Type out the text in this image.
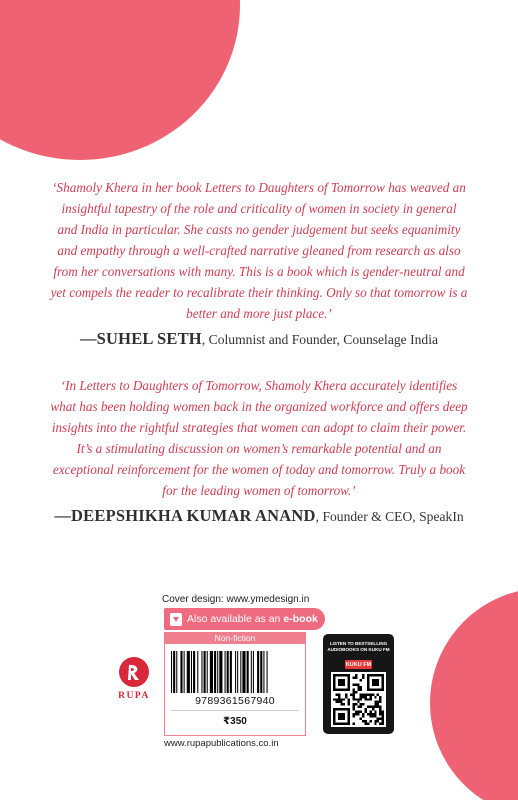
‘Shamoly Khera in her book Letters to Daughters of Tomorrow has weaved an insightful tapestry of the role and criticality of women in society in general and India in particular. She casts no gender judgement but seeks equanimity and empathy through a well-crafted narrative gleaned from research as also from her conversations with many. This is a book which is gender-neutral and yet compels the reader to recalibrate their thinking. Only so that tomorrow is a better and more just place.’

—SUHEL SETH, Columnist and Founder, Counselage India

‘In Letters to Daughters of Tomorrow, Shamoly Khera accurately identifies what has been holding women back in the organized workforce and offers deep insights into the rightful strategies that women can adopt to claim their power. It’s a stimulating discussion on women’s remarkable potential and an exceptional reinforcement for the women of today and tomorrow. Truly a book for the leading women of tomorrow.’

—DEEPSHIKHA KUMAR ANAND, Founder & CEO, SpeakIn

Cover design: www.ymedesign.in
Also available as an e-book
Non-fiction
9789361567940
₹350
RUPA
LISTEN TO BESTSELLING AUDIOBOOKS ON KUKU FM
KUKU FM
www.rupapublications.co.in
